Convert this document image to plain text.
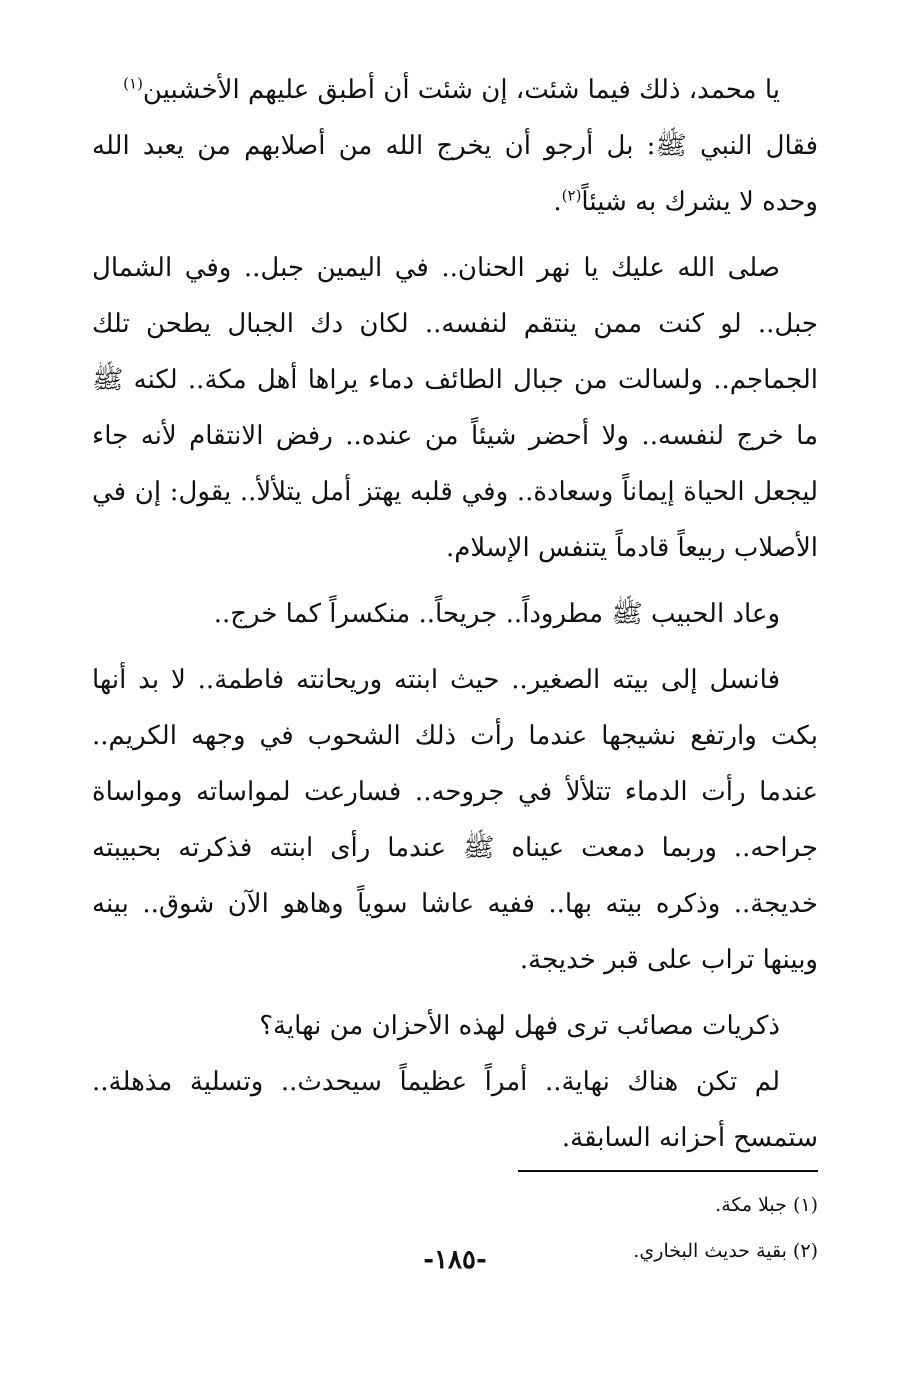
يا محمد، ذلك فيما شئت، إن شئت أن أطبق عليهم الأخشبين$^{(١)}$

فقال النبي ﷺ: بل أرجو أن يخرج الله من أصلابهم من يعبد الله وحده لا يشرك به شيئاً$^{(٢)}$.

صلى الله عليك يا نهر الحنان.. في اليمين جبل.. وفي الشمال جبل.. لو كنت ممن ينتقم لنفسه.. لكان دك الجبال يطحن تلك الجماجم.. ولسالت من جبال الطائف دماء يراها أهل مكة.. لكنه ﷺ ما خرج لنفسه.. ولا أحضر شيئاً من عنده.. رفض الانتقام لأنه جاء ليجعل الحياة إيماناً وسعادة.. وفي قلبه يهتز أمل يتلألأ.. يقول: إن في الأصلاب ربيعاً قادماً يتنفس الإسلام.

وعاد الحبيب ﷺ مطروداً.. جريحاً.. منكسراً كما خرج..

فانسل إلى بيته الصغير.. حيث ابنته وريحانته فاطمة.. لا بد أنها بكت وارتفع نشيجها عندما رأت ذلك الشحوب في وجهه الكريم.. عندما رأت الدماء تتلألأ في جروحه.. فسارعت لمواساته ومواساة جراحه.. وربما دمعت عيناه ﷺ عندما رأى ابنته فذكرته بحبيبته خديجة.. وذكره بيته بها.. ففيه عاشا سوياً وهاهو الآن شوق.. بينه وبينها تراب على قبر خديجة.

ذكريات مصائب ترى فهل لهذه الأحزان من نهاية؟

لم تكن هناك نهاية.. أمراً عظيماً سيحدث.. وتسلية مذهلة.. ستمسح أحزانه السابقة.

(١) جبلا مكة.

(٢) بقية حديث البخاري.

-١٨٥-
